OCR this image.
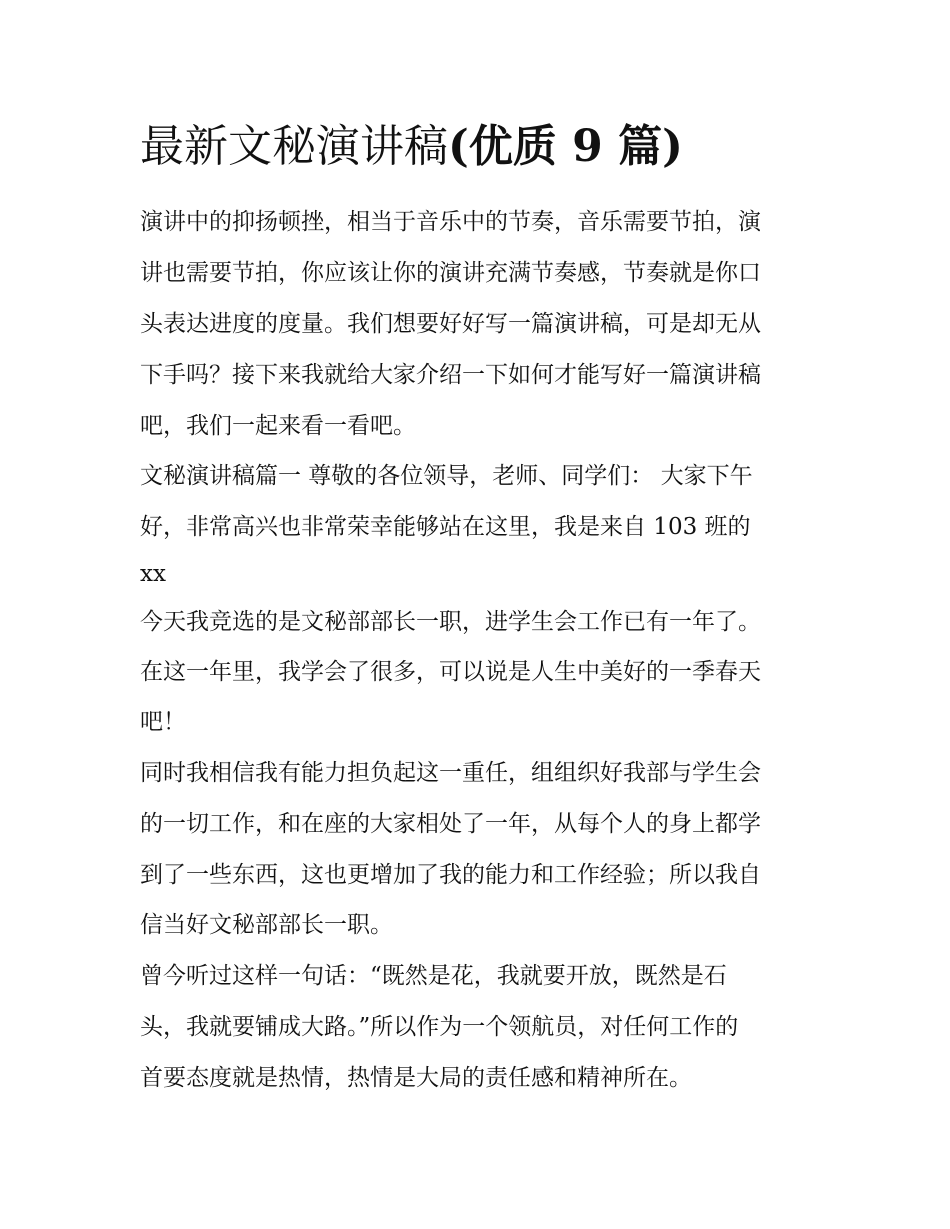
最新文秘演讲稿(优质 9 篇)

演讲中的抑扬顿挫，相当于音乐中的节奏，音乐需要节拍，演

讲也需要节拍，你应该让你的演讲充满节奏感，节奏就是你口

头表达进度的度量。我们想要好好写一篇演讲稿，可是却无从

下手吗？接下来我就给大家介绍一下如何才能写好一篇演讲稿

吧，我们一起来看一看吧。

文秘演讲稿篇一 尊敬的各位领导，老师、同学们： 大家下午

好，非常高兴也非常荣幸能够站在这里，我是来自 103 班的

xx

今天我竞选的是文秘部部长一职，进学生会工作已有一年了。

在这一年里，我学会了很多，可以说是人生中美好的一季春天

吧！

同时我相信我有能力担负起这一重任，组组织好我部与学生会

的一切工作，和在座的大家相处了一年，从每个人的身上都学

到了一些东西，这也更增加了我的能力和工作经验；所以我自

信当好文秘部部长一职。

曾今听过这样一句话：“既然是花，我就要开放，既然是石

头，我就要铺成大路。”所以作为一个领航员，对任何工作的

首要态度就是热情，热情是大局的责任感和精神所在。
